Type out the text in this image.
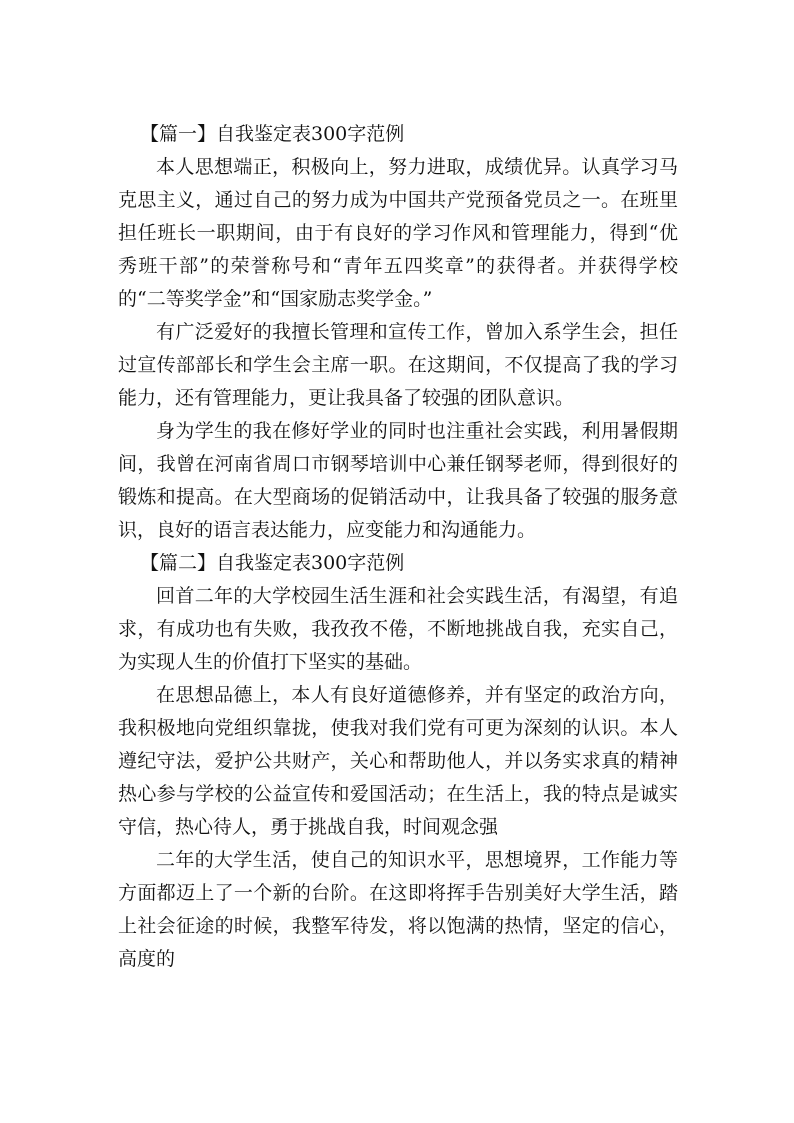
【篇一】自我鉴定表300字范例

本人思想端正，积极向上，努力进取，成绩优异。认真学习马克思主义，通过自己的努力成为中国共产党预备党员之一。在班里担任班长一职期间，由于有良好的学习作风和管理能力，得到“优秀班干部”的荣誉称号和“青年五四奖章”的获得者。并获得学校的“二等奖学金”和“国家励志奖学金。”

有广泛爱好的我擅长管理和宣传工作，曾加入系学生会，担任过宣传部部长和学生会主席一职。在这期间，不仅提高了我的学习能力，还有管理能力，更让我具备了较强的团队意识。

身为学生的我在修好学业的同时也注重社会实践，利用暑假期间，我曾在河南省周口市钢琴培训中心兼任钢琴老师，得到很好的锻炼和提高。在大型商场的促销活动中，让我具备了较强的服务意识，良好的语言表达能力，应变能力和沟通能力。

【篇二】自我鉴定表300字范例

回首二年的大学校园生活生涯和社会实践生活，有渴望，有追求，有成功也有失败，我孜孜不倦，不断地挑战自我，充实自己，为实现人生的价值打下坚实的基础。

在思想品德上，本人有良好道德修养，并有坚定的政治方向，我积极地向党组织靠拢，使我对我们党有可更为深刻的认识。本人遵纪守法，爱护公共财产，关心和帮助他人，并以务实求真的精神热心参与学校的公益宣传和爱国活动；在生活上，我的特点是诚实守信，热心待人，勇于挑战自我，时间观念强

二年的大学生活，使自己的知识水平，思想境界，工作能力等方面都迈上了一个新的台阶。在这即将挥手告别美好大学生活，踏上社会征途的时候，我整军待发，将以饱满的热情，坚定的信心，高度的
